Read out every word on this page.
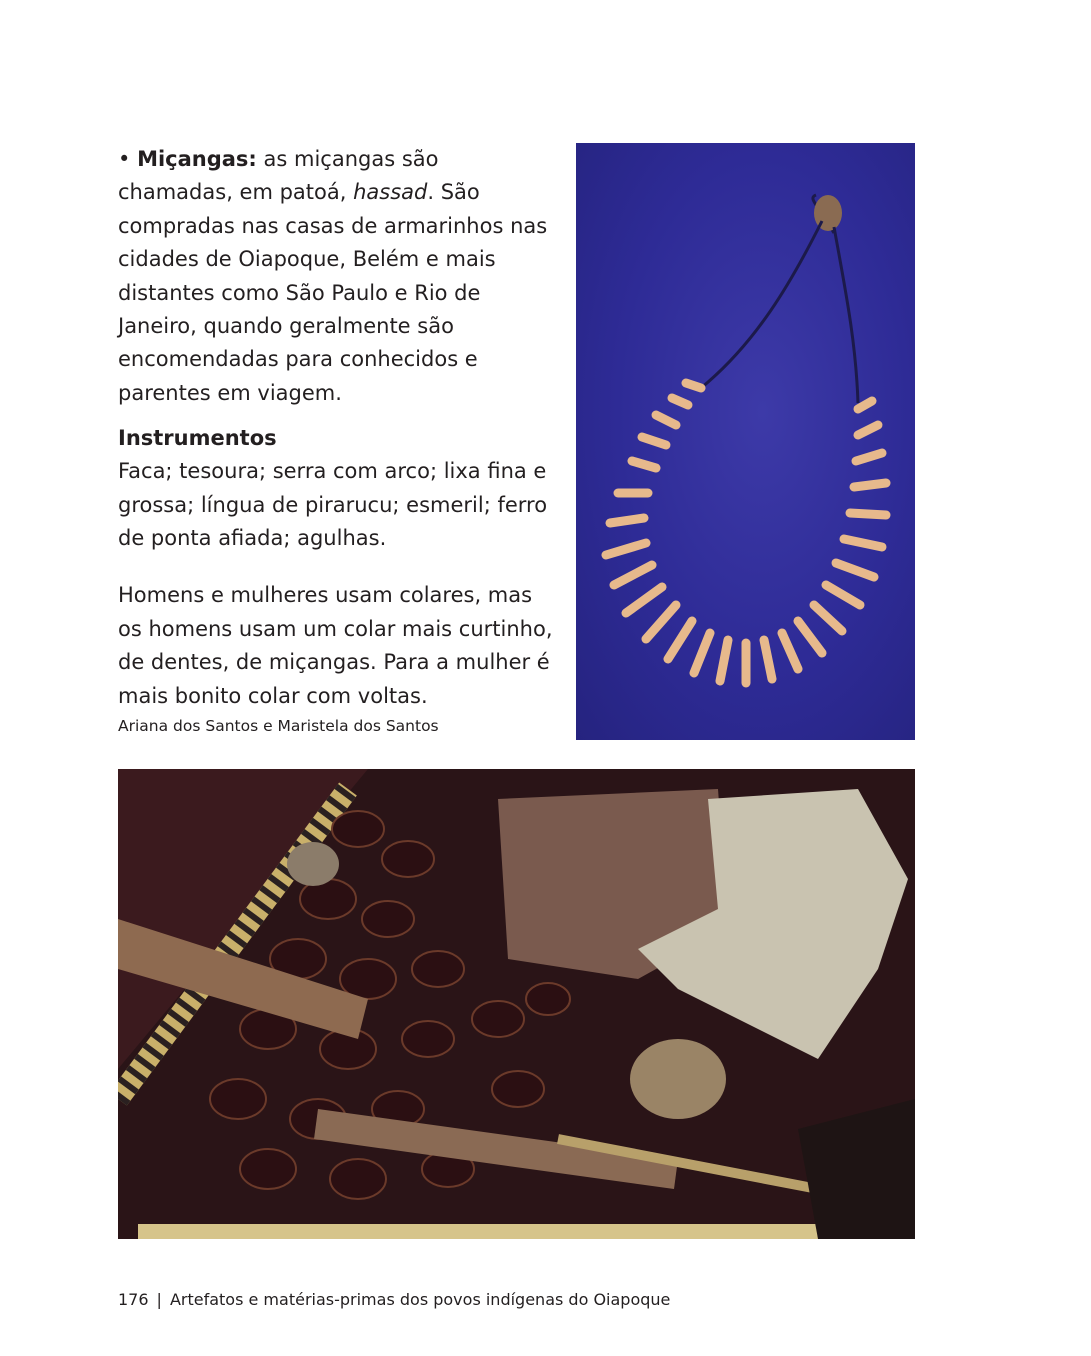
• Miçangas: as miçangas são chamadas, em patoá, hassad. São compradas nas casas de armarinhos nas cidades de Oiapoque, Belém e mais distantes como São Paulo e Rio de Janeiro, quando geralmente são encomendadas para conhecidos e parentes em viagem.

Instrumentos

Faca; tesoura; serra com arco; lixa fina e grossa; língua de pirarucu; esmeril; ferro de ponta afiada; agulhas.

Homens e mulheres usam colares, mas os homens usam um colar mais curtinho, de dentes, de miçangas. Para a mulher é mais bonito colar com voltas.

Ariana dos Santos e Maristela dos Santos

176 | Artefatos e matérias-primas dos povos indígenas do Oiapoque
